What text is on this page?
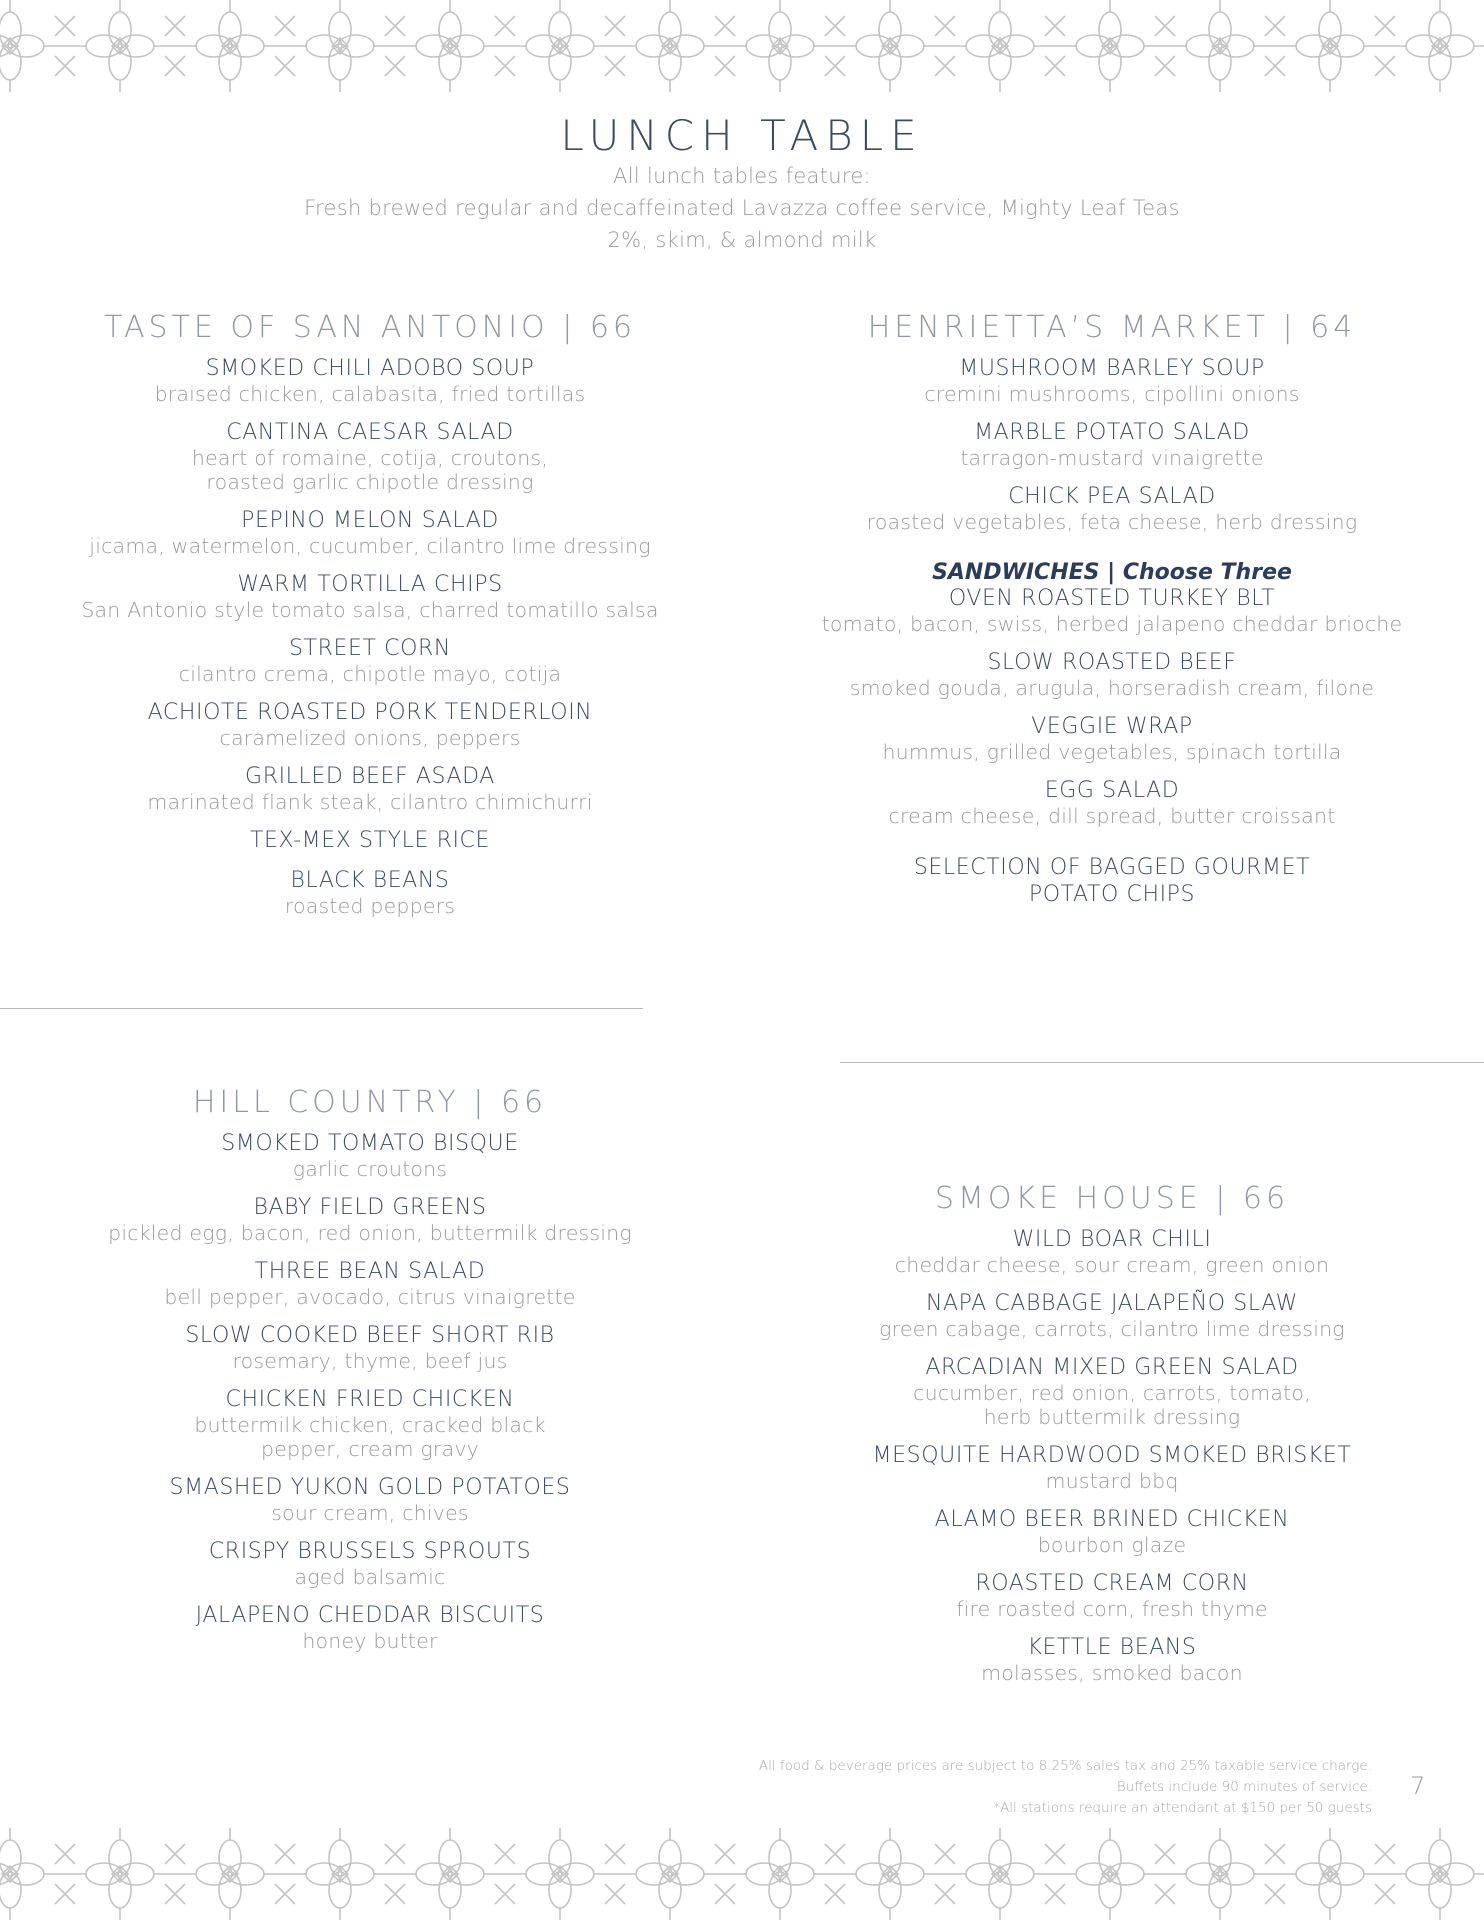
LUNCH TABLE
All lunch tables feature:
Fresh brewed regular and decaffeinated Lavazza coffee service, Mighty Leaf Teas
2%, skim, & almond milk
TASTE OF SAN ANTONIO | 66
SMOKED CHILI ADOBO SOUP
braised chicken, calabasita, fried tortillas
CANTINA CAESAR SALAD
heart of romaine, cotija, croutons,
roasted garlic chipotle dressing
PEPINO MELON SALAD
jicama, watermelon, cucumber, cilantro lime dressing
WARM TORTILLA CHIPS
San Antonio style tomato salsa, charred tomatillo salsa
STREET CORN
cilantro crema, chipotle mayo, cotija
ACHIOTE ROASTED PORK TENDERLOIN
caramelized onions, peppers
GRILLED BEEF ASADA
marinated flank steak, cilantro chimichurri
TEX-MEX STYLE RICE
BLACK BEANS
roasted peppers
HENRIETTA’S MARKET | 64
MUSHROOM BARLEY SOUP
cremini mushrooms, cipollini onions
MARBLE POTATO SALAD
tarragon-mustard vinaigrette
CHICK PEA SALAD
roasted vegetables, feta cheese, herb dressing
SANDWICHES | Choose Three
OVEN ROASTED TURKEY BLT
tomato, bacon, swiss, herbed jalapeno cheddar brioche
SLOW ROASTED BEEF
smoked gouda, arugula, horseradish cream, filone
VEGGIE WRAP
hummus, grilled vegetables, spinach tortilla
EGG SALAD
cream cheese, dill spread, butter croissant
SELECTION OF BAGGED GOURMET
POTATO CHIPS
HILL COUNTRY | 66
SMOKED TOMATO BISQUE
garlic croutons
BABY FIELD GREENS
pickled egg, bacon, red onion, buttermilk dressing
THREE BEAN SALAD
bell pepper, avocado, citrus vinaigrette
SLOW COOKED BEEF SHORT RIB
rosemary, thyme, beef jus
CHICKEN FRIED CHICKEN
buttermilk chicken, cracked black
pepper, cream gravy
SMASHED YUKON GOLD POTATOES
sour cream, chives
CRISPY BRUSSELS SPROUTS
aged balsamic
JALAPENO CHEDDAR BISCUITS
honey butter
SMOKE HOUSE | 66
WILD BOAR CHILI
cheddar cheese, sour cream, green onion
NAPA CABBAGE JALAPEÑO SLAW
green cabage, carrots, cilantro lime dressing
ARCADIAN MIXED GREEN SALAD
cucumber, red onion, carrots, tomato,
herb buttermilk dressing
MESQUITE HARDWOOD SMOKED BRISKET
mustard bbq
ALAMO BEER BRINED CHICKEN
bourbon glaze
ROASTED CREAM CORN
fire roasted corn, fresh thyme
KETTLE BEANS
molasses, smoked bacon
All food & beverage prices are subject to 8.25% sales tax and 25% taxable service charge.
Buffets include 90 minutes of service.
*All stations require an attendant at $150 per 50 guests
7
